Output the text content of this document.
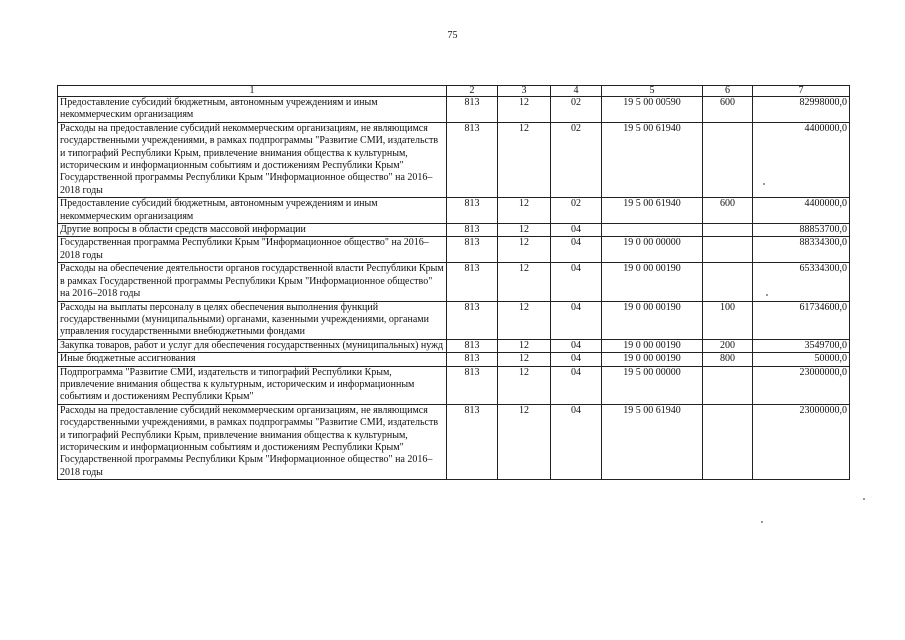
75
1	2	3	4	5	6	7
Предоставление субсидий бюджетным, автономным учреждениям и иным некоммерческим организациям	813	12	02	19 5 00 00590	600	82998000,0
Расходы на предоставление субсидий некоммерческим организациям, не являющимся государственными учреждениями, в рамках подпрограммы "Развитие СМИ, издательств и типографий Республики Крым, привлечение внимания общества к культурным, историческим и информационным событиям и достижениям Республики Крым" Государственной программы Республики Крым "Информационное общество" на 2016–2018 годы	813	12	02	19 5 00 61940		4400000,0
Предоставление субсидий бюджетным, автономным учреждениям и иным некоммерческим организациям	813	12	02	19 5 00 61940	600	4400000,0
Другие вопросы в области средств массовой информации	813	12	04			88853700,0
Государственная программа Республики Крым "Информационное общество" на 2016–2018 годы	813	12	04	19 0 00 00000		88334300,0
Расходы на обеспечение деятельности органов государственной власти Республики Крым в рамках Государственной программы Республики Крым "Информационное общество" на 2016–2018 годы	813	12	04	19 0 00 00190		65334300,0
Расходы на выплаты персоналу в целях обеспечения выполнения функций государственными (муниципальными) органами, казенными учреждениями, органами управления государственными внебюджетными фондами	813	12	04	19 0 00 00190	100	61734600,0
Закупка товаров, работ и услуг для обеспечения государственных (муниципальных) нужд	813	12	04	19 0 00 00190	200	3549700,0
Иные бюджетные ассигнования	813	12	04	19 0 00 00190	800	50000,0
Подпрограмма "Развитие СМИ, издательств и типографий Республики Крым, привлечение внимания общества к культурным, историческим и информационным событиям и достижениям Республики Крым"	813	12	04	19 5 00 00000		23000000,0
Расходы на предоставление субсидий некоммерческим организациям, не являющимся государственными учреждениями, в рамках подпрограммы "Развитие СМИ, издательств и типографий Республики Крым, привлечение внимания общества к культурным, историческим и информационным событиям и достижениям Республики Крым" Государственной программы Республики Крым "Информационное общество" на 2016–2018 годы	813	12	04	19 5 00 61940		23000000,0
